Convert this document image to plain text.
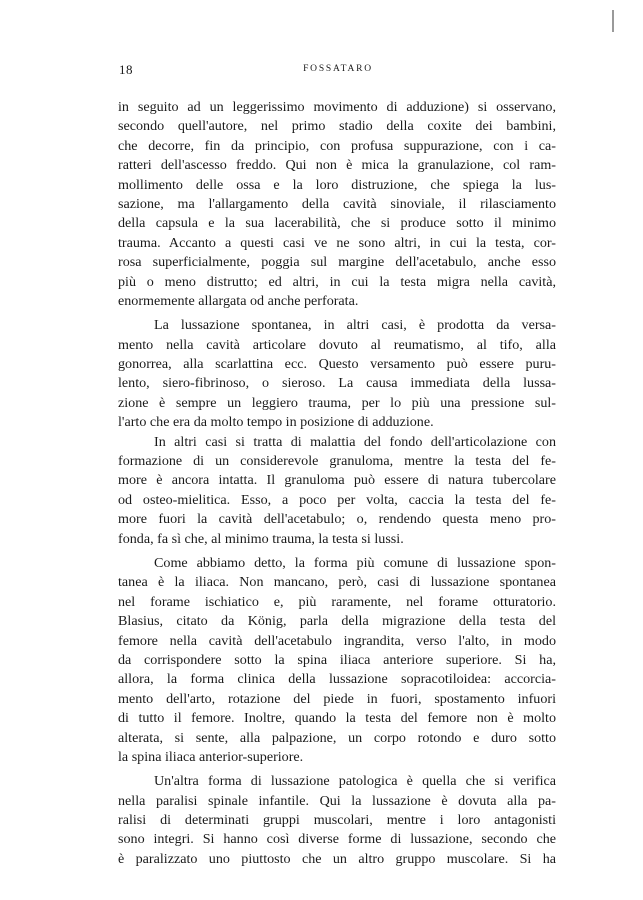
18	FOSSATARO
in seguito ad un leggerissimo movimento di adduzione) si osservano,
secondo quell'autore, nel primo stadio della coxite dei bambini,
che decorre, fin da principio, con profusa suppurazione, con i ca-
ratteri dell'ascesso freddo. Qui non è mica la granulazione, col ram-
mollimento delle ossa e la loro distruzione, che spiega la lus-
sazione, ma l'allargamento della cavità sinoviale, il rilasciamento
della capsula e la sua lacerabilità, che si produce sotto il minimo
trauma. Accanto a questi casi ve ne sono altri, in cui la testa, cor-
rosa superficialmente, poggia sul margine dell'acetabulo, anche esso
più o meno distrutto; ed altri, in cui la testa migra nella cavità,
enormemente allargata od anche perforata.
La lussazione spontanea, in altri casi, è prodotta da versa-
mento nella cavità articolare dovuto al reumatismo, al tifo, alla
gonorrea, alla scarlattina ecc. Questo versamento può essere puru-
lento, siero-fibrinoso, o sieroso. La causa immediata della lussa-
zione è sempre un leggiero trauma, per lo più una pressione sul-
l'arto che era da molto tempo in posizione di adduzione.
In altri casi si tratta di malattia del fondo dell'articolazione con
formazione di un considerevole granuloma, mentre la testa del fe-
more è ancora intatta. Il granuloma può essere di natura tubercolare
od osteo-mielitica. Esso, a poco per volta, caccia la testa del fe-
more fuori la cavità dell'acetabulo; o, rendendo questa meno pro-
fonda, fa sì che, al minimo trauma, la testa si lussi.
Come abbiamo detto, la forma più comune di lussazione spon-
tanea è la iliaca. Non mancano, però, casi di lussazione spontanea
nel forame ischiatico e, più raramente, nel forame otturatorio.
Blasius, citato da König, parla della migrazione della testa del
femore nella cavità dell'acetabulo ingrandita, verso l'alto, in modo
da corrispondere sotto la spina iliaca anteriore superiore. Si ha,
allora, la forma clinica della lussazione sopracotiloidea: accorcia-
mento dell'arto, rotazione del piede in fuori, spostamento infuori
di tutto il femore. Inoltre, quando la testa del femore non è molto
alterata, si sente, alla palpazione, un corpo rotondo e duro sotto
la spina iliaca anterior-superiore.
Un'altra forma di lussazione patologica è quella che si verifica
nella paralisi spinale infantile. Qui la lussazione è dovuta alla pa-
ralisi di determinati gruppi muscolari, mentre i loro antagonisti
sono integri. Si hanno così diverse forme di lussazione, secondo che
è paralizzato uno piuttosto che un altro gruppo muscolare. Si ha
